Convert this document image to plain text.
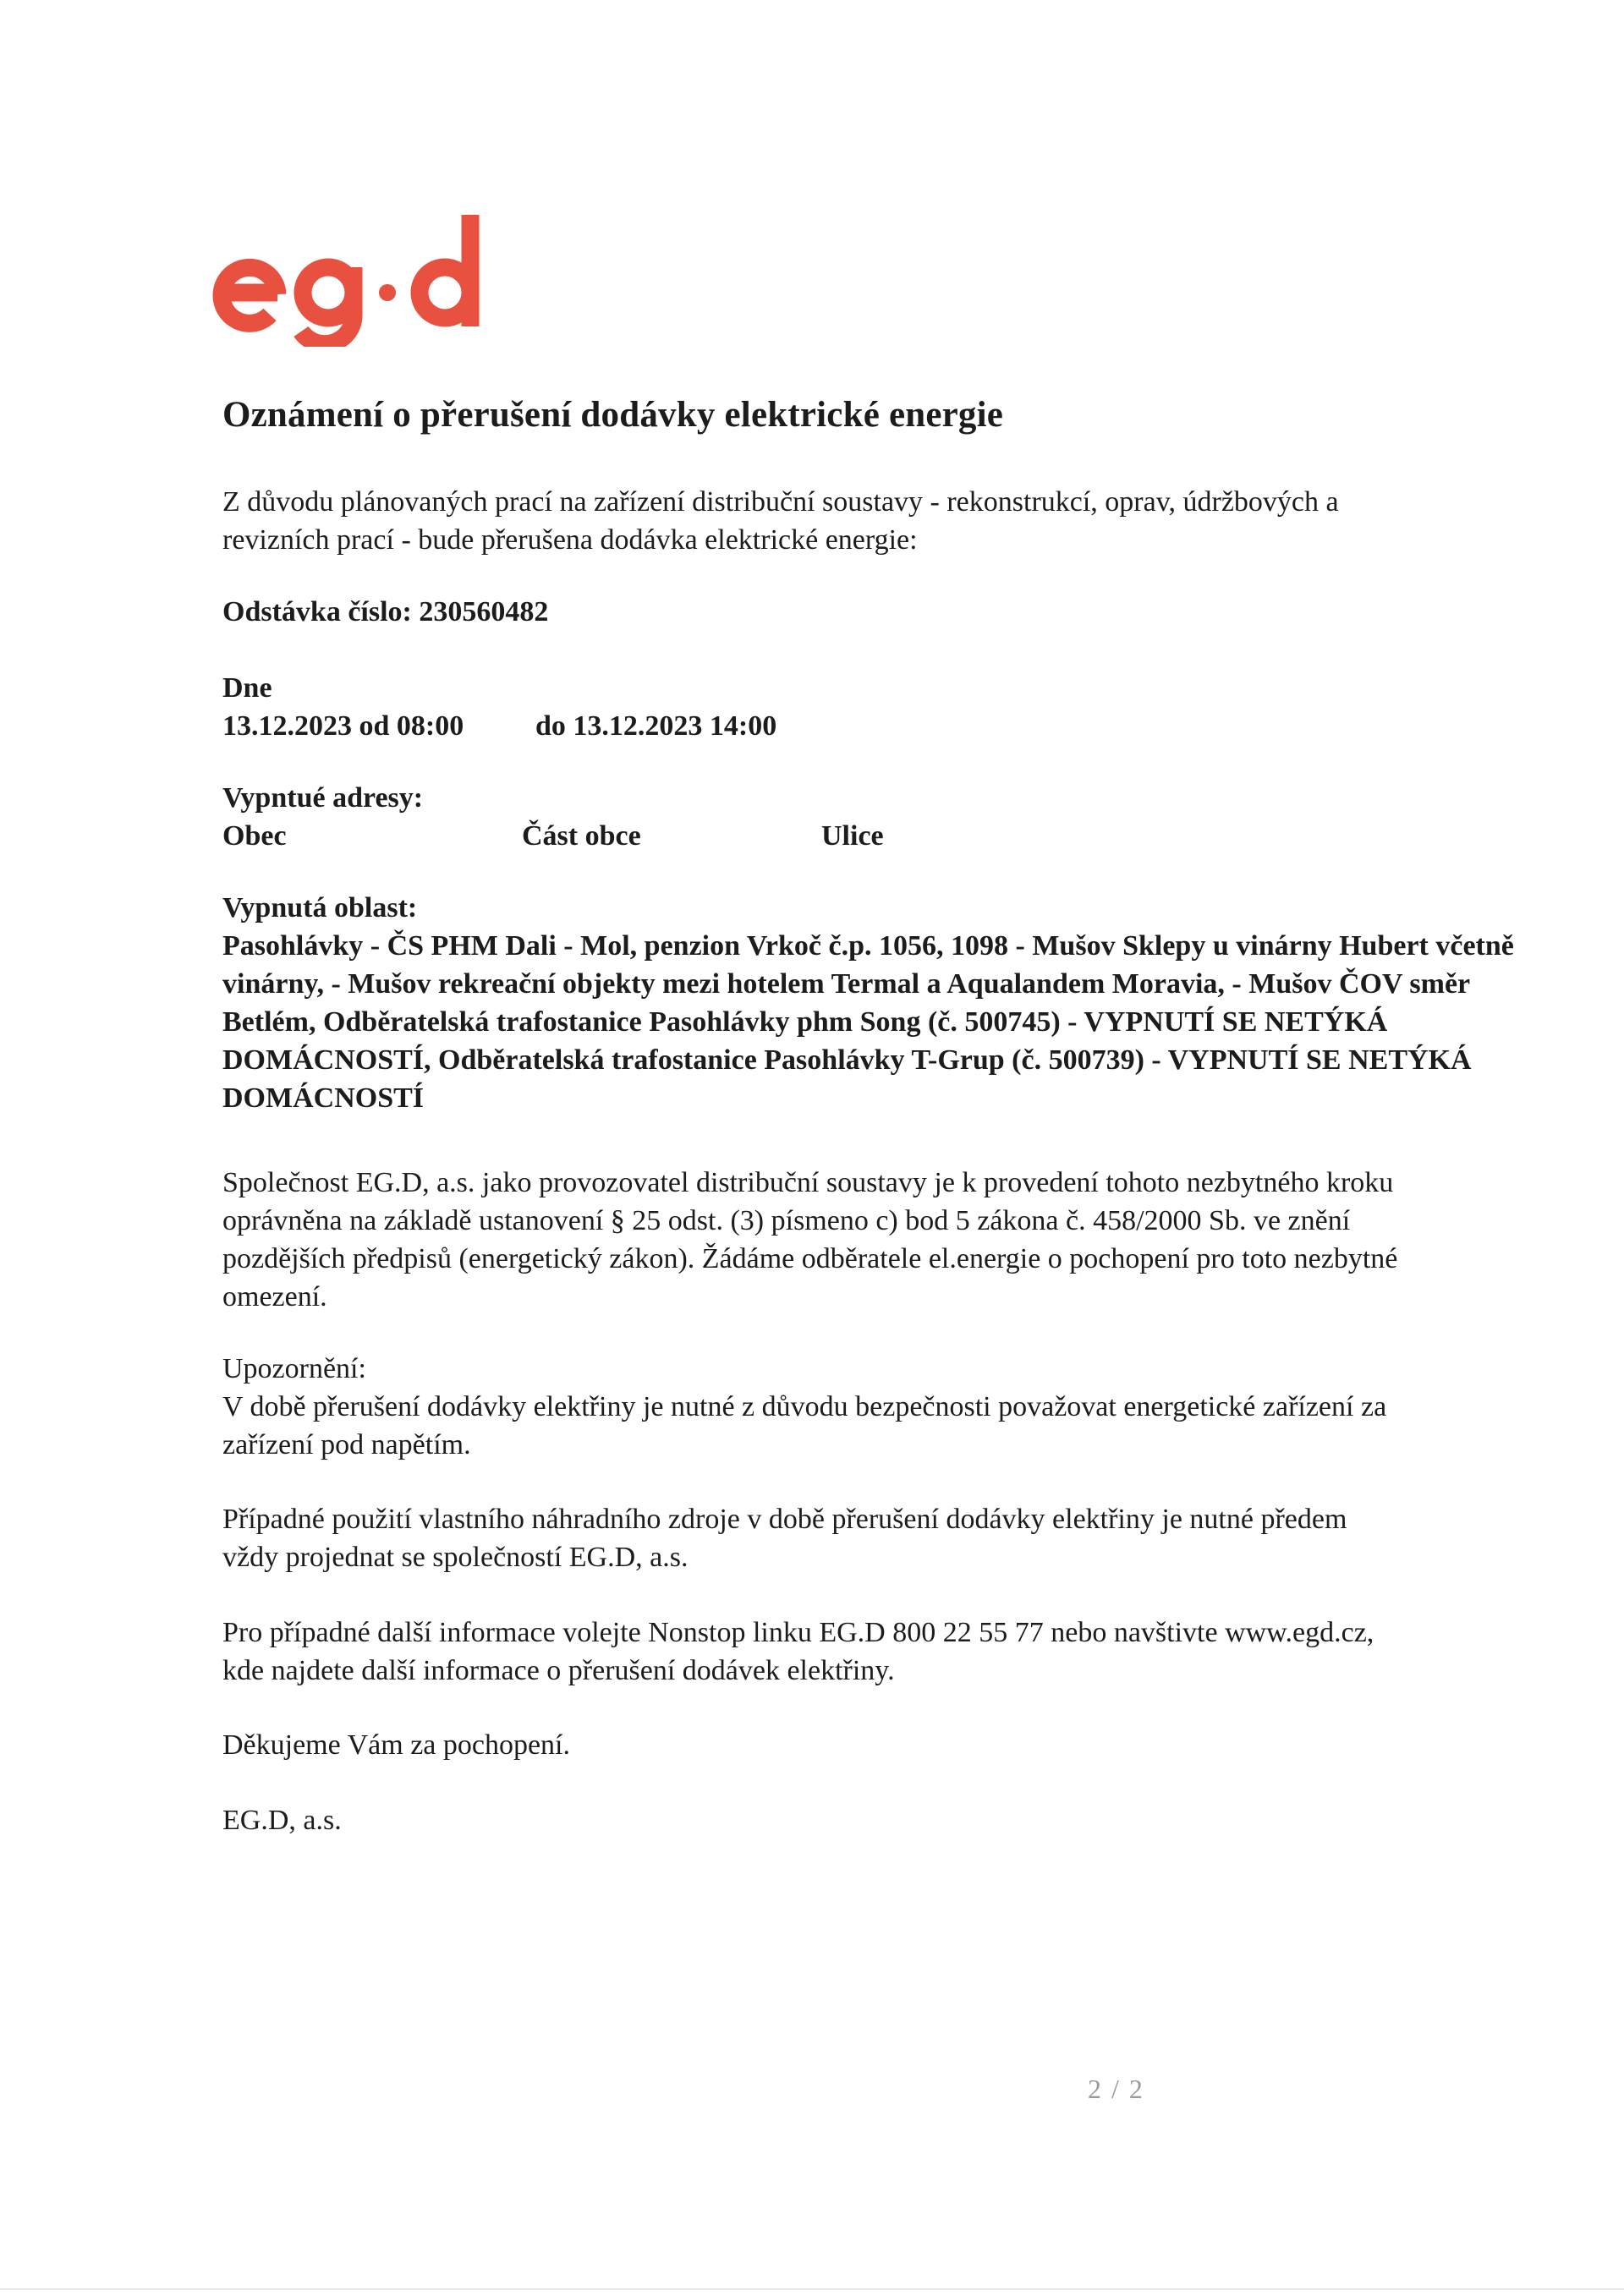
Oznámení o přerušení dodávky elektrické energie

Z důvodu plánovaných prací na zařízení distribuční soustavy - rekonstrukcí, oprav, údržbových a revizních prací - bude přerušena dodávka elektrické energie:

Odstávka číslo: 230560482

Dne

13.12.2023 od 08:00	do 13.12.2023 14:00

Vypntué adresy:

Obec	Část obce	Ulice

Vypnutá oblast:

Pasohlávky - ČS PHM Dali - Mol, penzion Vrkoč č.p. 1056, 1098 - Mušov Sklepy u vinárny Hubert včetně vinárny, - Mušov rekreační objekty mezi hotelem Termal a Aqualandem Moravia, - Mušov ČOV směr Betlém, Odběratelská trafostanice Pasohlávky phm Song (č. 500745) - VYPNUTÍ SE NETÝKÁ DOMÁCNOSTÍ, Odběratelská trafostanice Pasohlávky T-Grup (č. 500739) - VYPNUTÍ SE NETÝKÁ DOMÁCNOSTÍ

Společnost EG.D, a.s. jako provozovatel distribuční soustavy je k provedení tohoto nezbytného kroku oprávněna na základě ustanovení § 25 odst. (3) písmeno c) bod 5 zákona č. 458/2000 Sb. ve znění pozdějších předpisů (energetický zákon). Žádáme odběratele el.energie o pochopení pro toto nezbytné omezení.

Upozornění:

V době přerušení dodávky elektřiny je nutné z důvodu bezpečnosti považovat energetické zařízení za zařízení pod napětím.

Případné použití vlastního náhradního zdroje v době přerušení dodávky elektřiny je nutné předem vždy projednat se společností EG.D, a.s.

Pro případné další informace volejte Nonstop linku EG.D 800 22 55 77 nebo navštivte www.egd.cz, kde najdete další informace o přerušení dodávek elektřiny.

Děkujeme Vám za pochopení.

EG.D, a.s.

2 / 2
